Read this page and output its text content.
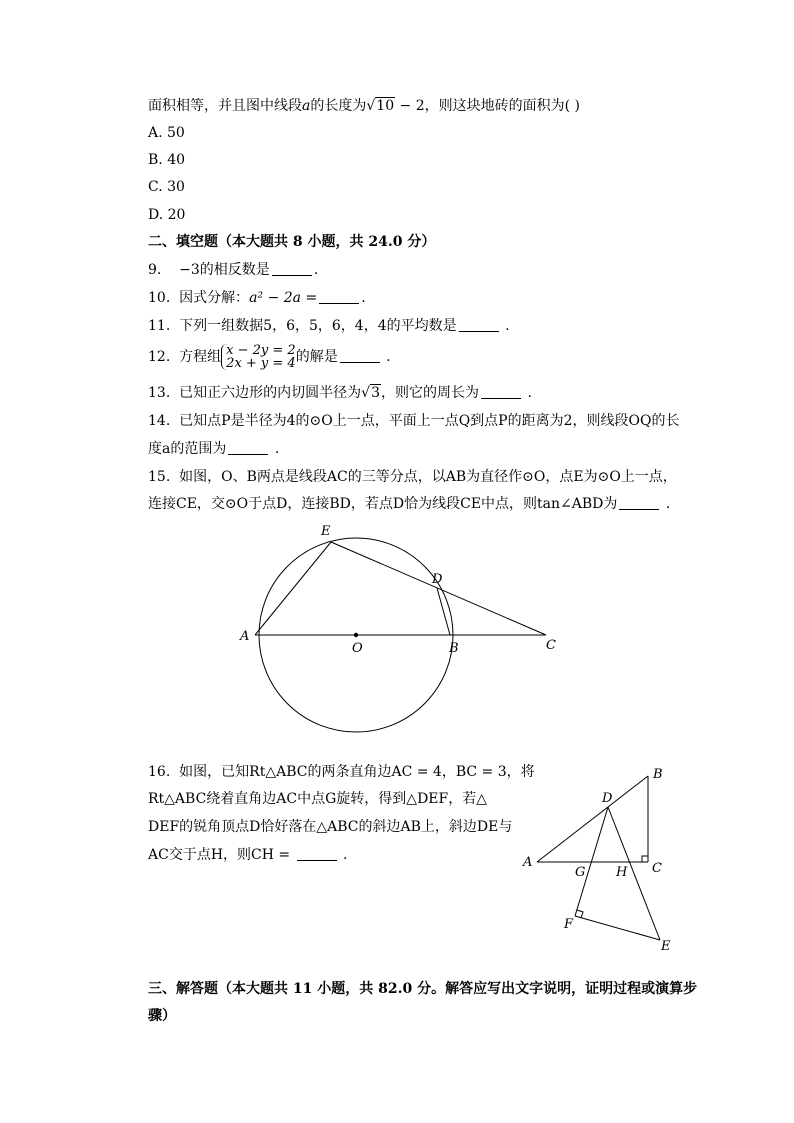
面积相等，并且图中线段a的长度为√10 − 2，则这块地砖的面积为( )
A. 50
B. 40
C. 30
D. 20
二、填空题（本大题共 8 小题，共 24.0 分）
9. −3的相反数是	.
10. 因式分解：a² − 2a =	.
11. 下列一组数据5，6，5，6，4，4的平均数是	.
12. 方程组 x − 2y = 2
2x + y = 4的解是	.
13. 已知正六边形的内切圆半径为√3，则它的周长为	.
14. 已知点P是半径为4的⊙O上一点，平面上一点Q到点P的距离为2，则线段OQ的长
度a的范围为	.
15. 如图，O、B两点是线段AC的三等分点，以AB为直径作⊙O，点E为⊙O上一点，
连接CE，交⊙O于点D，连接BD，若点D恰为线段CE中点，则tan∠ABD为	.
A
O	B	C
D
E
16. 如图，已知Rt△ABC的两条直角边AC = 4，BC = 3，将
Rt△ABC绕着直角边AC中点G旋转，得到△DEF，若△
DEF的锐角顶点D恰好落在△ABC的斜边AB上，斜边DE与
AC交于点H，则CH =	.	A
B
C
D
E
F
G H
三、解答题（本大题共 11 小题，共 82.0 分。解答应写出文字说明，证明过程或演算步
骤）
